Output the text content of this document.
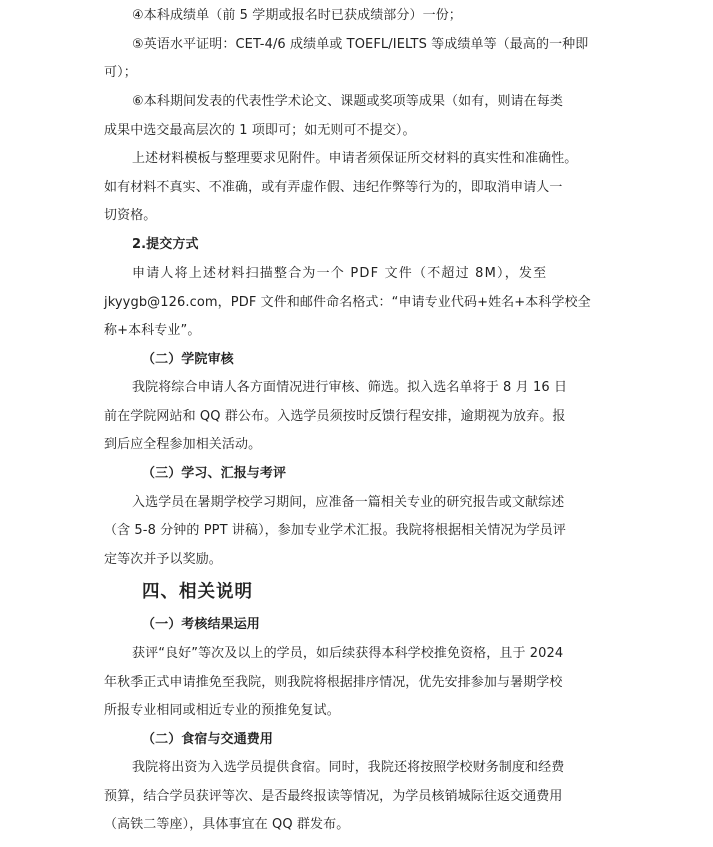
④本科成绩单（前 5 学期或报名时已获成绩部分）一份；
⑤英语水平证明：CET-4/6 成绩单或 TOEFL/IELTS 等成绩单等（最高的一种即
可）；
⑥本科期间发表的代表性学术论文、课题或奖项等成果（如有，则请在每类
成果中选交最高层次的 1 项即可；如无则可不提交）。
上述材料模板与整理要求见附件。申请者须保证所交材料的真实性和准确性。
如有材料不真实、不准确，或有弄虚作假、违纪作弊等行为的，即取消申请人一
切资格。
2.提交方式
申请人将上述材料扫描整合为一个 PDF 文件（不超过 8M），发至
jkyygb@126.com，PDF 文件和邮件命名格式：“申请专业代码+姓名+本科学校全
称+本科专业”。
（二）学院审核
我院将综合申请人各方面情况进行审核、筛选。拟入选名单将于 8 月 16 日
前在学院网站和 QQ 群公布。入选学员须按时反馈行程安排，逾期视为放弃。报
到后应全程参加相关活动。
（三）学习、汇报与考评
入选学员在暑期学校学习期间，应准备一篇相关专业的研究报告或文献综述
（含 5-8 分钟的 PPT 讲稿），参加专业学术汇报。我院将根据相关情况为学员评
定等次并予以奖励。
四、相关说明
（一）考核结果运用
获评“良好”等次及以上的学员，如后续获得本科学校推免资格，且于 2024
年秋季正式申请推免至我院，则我院将根据排序情况，优先安排参加与暑期学校
所报专业相同或相近专业的预推免复试。
（二）食宿与交通费用
我院将出资为入选学员提供食宿。同时，我院还将按照学校财务制度和经费
预算，结合学员获评等次、是否最终报读等情况，为学员核销城际往返交通费用
（高铁二等座），具体事宜在 QQ 群发布。
